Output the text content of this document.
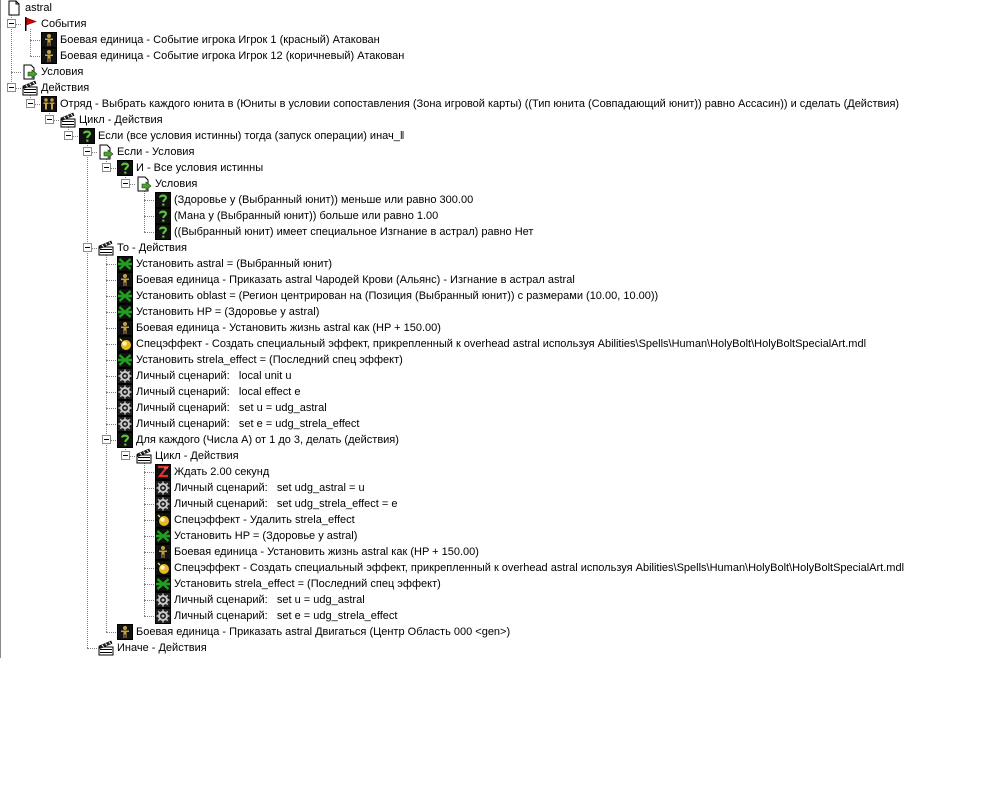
astral
События
Боевая единица - Событие игрока Игрок 1 (красный) Атакован
Боевая единица - Событие игрока Игрок 12 (коричневый) Атакован
Условия
Действия
Отряд - Выбрать каждого юнита в (Юниты в условии сопоставления (Зона игровой карты) ((Тип юнита (Совпадающий юнит)) равно Ассасин)) и сделать (Действия)
Цикл - Действия
Если (все условия истинны) тогда (запуск операции) инач_ǁ
Если - Условия
И - Все условия истинны
Условия
(Здоровье у (Выбранный юнит)) меньше или равно 300.00
(Мана у (Выбранный юнит)) больше или равно 1.00
((Выбранный юнит) имеет специальное Изгнание в астрал) равно Нет
То - Действия
Установить astral = (Выбранный юнит)
Боевая единица - Приказать astral Чародей Крови (Альянс) - Изгнание в астрал astral
Установить oblast = (Регион центрирован на (Позиция (Выбранный юнит)) с размерами (10.00, 10.00))
Установить HP = (Здоровье у astral)
Боевая единица - Установить жизнь astral как (HP + 150.00)
Спецэффект - Создать специальный эффект, прикрепленный к overhead astral используя Abilities\Spells\Human\HolyBolt\HolyBoltSpecialArt.mdl
Установить strela_effect = (Последний спец эффект)
Личный сценарий:   local unit u
Личный сценарий:   local effect e
Личный сценарий:   set u = udg_astral
Личный сценарий:   set e = udg_strela_effect
Для каждого (Числа A) от 1 до 3, делать (действия)
Цикл - Действия
Ждать 2.00 секунд
Личный сценарий:   set udg_astral = u
Личный сценарий:   set udg_strela_effect = e
Спецэффект - Удалить strela_effect
Установить HP = (Здоровье у astral)
Боевая единица - Установить жизнь astral как (HP + 150.00)
Спецэффект - Создать специальный эффект, прикрепленный к overhead astral используя Abilities\Spells\Human\HolyBolt\HolyBoltSpecialArt.mdl
Установить strela_effect = (Последний спец эффект)
Личный сценарий:   set u = udg_astral
Личный сценарий:   set e = udg_strela_effect
Боевая единица - Приказать astral Двигаться (Центр Область 000 <gen>)
Иначе - Действия
